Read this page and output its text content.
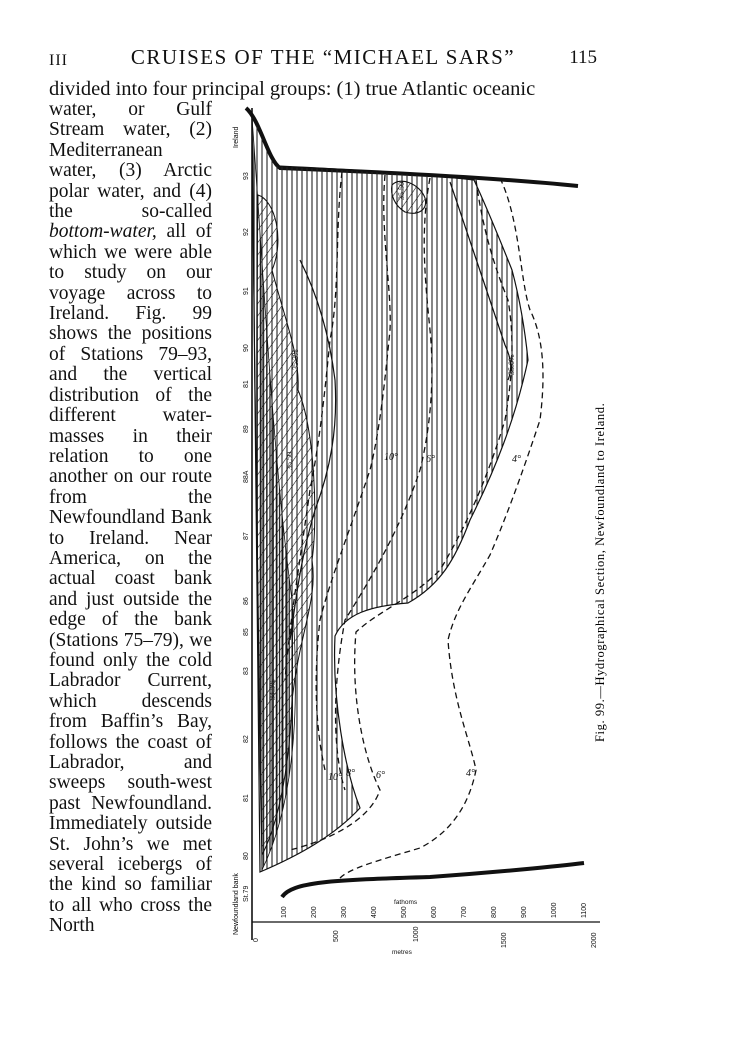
III	CRUISES OF THE “MICHAEL SARS”	115
divided into four principal groups: (1) true Atlantic oceanic
water, or Gulf Stream water, (2) Mediterranean water, (3) Arctic polar water, and (4) the so-called bottom-water, all of which we were able to study on our voyage across to Ireland. Fig. 99 shows the positions of Stations 79–93, and the vertical distribution of the different water-masses in their relation to one another on our route from the Newfoundland Bank to Ireland. Near America, on the actual coast bank and just outside the edge of the bank (Stations 75–79), we found only the cold Labrador Current, which descends from Baffin’s Bay, follows the coast of Labrador, and sweeps south-west past Newfoundland. Immediately outside St. John’s we met several icebergs of the kind so familiar to all who cross the North
Ireland
Newfoundland bank St.79
80
81
82
83
85
86
87
88A
89
81
90
91
92
93
100	200	300	400	500	600	700	800	900	1000	1100
fathoms
0	500	1000	1500	2000
metres
4°
6°
6°
10°
10° 8°	4°
35.50
35.3%	35.0%
34.5%
35.50	Fig. 99.—Hydrographical Section, Newfoundland to Ireland.
